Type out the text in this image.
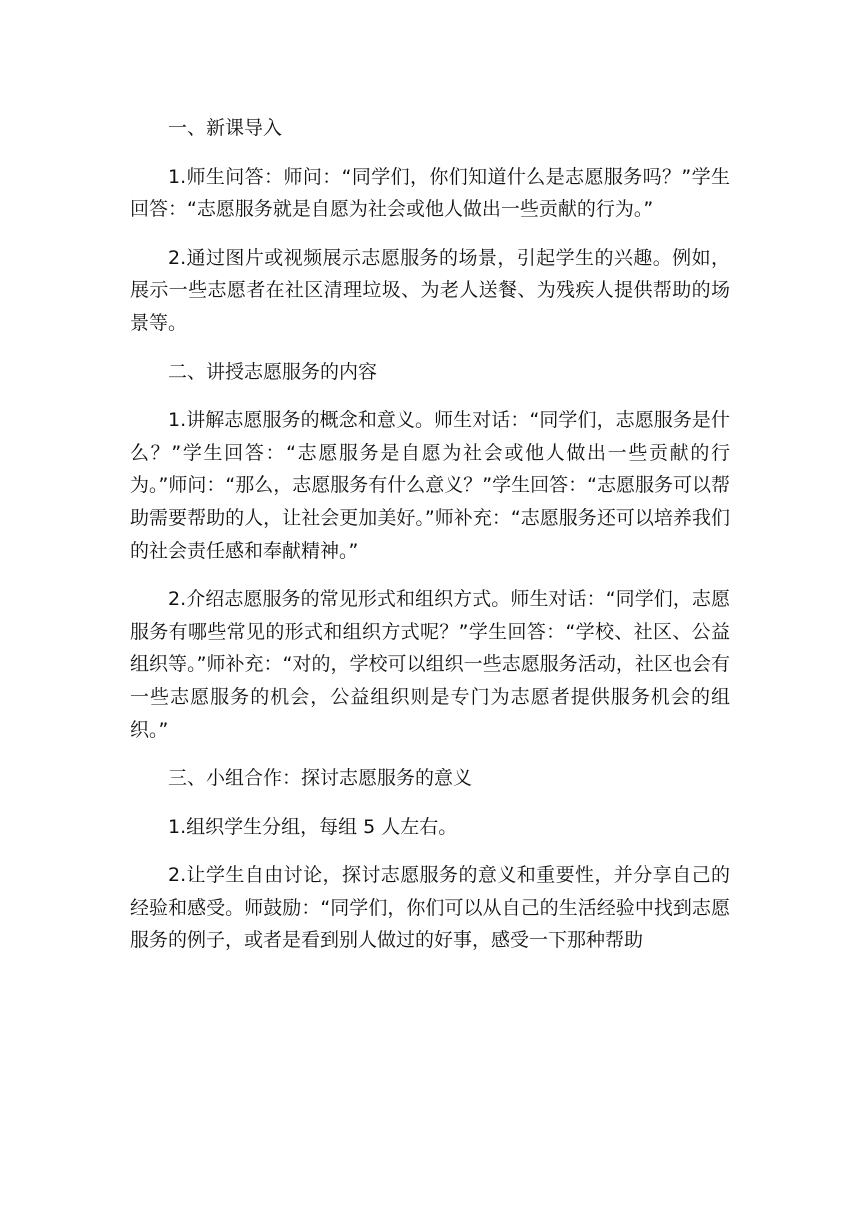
一、新课导入

1.师生问答：师问：“同学们，你们知道什么是志愿服务吗？”学生回答：“志愿服务就是自愿为社会或他人做出一些贡献的行为。”

2.通过图片或视频展示志愿服务的场景，引起学生的兴趣。例如，展示一些志愿者在社区清理垃圾、为老人送餐、为残疾人提供帮助的场景等。

二、讲授志愿服务的内容

1.讲解志愿服务的概念和意义。师生对话：“同学们，志愿服务是什么？”学生回答：“志愿服务是自愿为社会或他人做出一些贡献的行为。”师问：“那么，志愿服务有什么意义？”学生回答：“志愿服务可以帮助需要帮助的人，让社会更加美好。”师补充：“志愿服务还可以培养我们的社会责任感和奉献精神。”

2.介绍志愿服务的常见形式和组织方式。师生对话：“同学们，志愿服务有哪些常见的形式和组织方式呢？”学生回答：“学校、社区、公益组织等。”师补充：“对的，学校可以组织一些志愿服务活动，社区也会有一些志愿服务的机会，公益组织则是专门为志愿者提供服务机会的组织。”

三、小组合作：探讨志愿服务的意义

1.组织学生分组，每组 5 人左右。

2.让学生自由讨论，探讨志愿服务的意义和重要性，并分享自己的经验和感受。师鼓励：“同学们，你们可以从自己的生活经验中找到志愿服务的例子，或者是看到别人做过的好事，感受一下那种帮助
